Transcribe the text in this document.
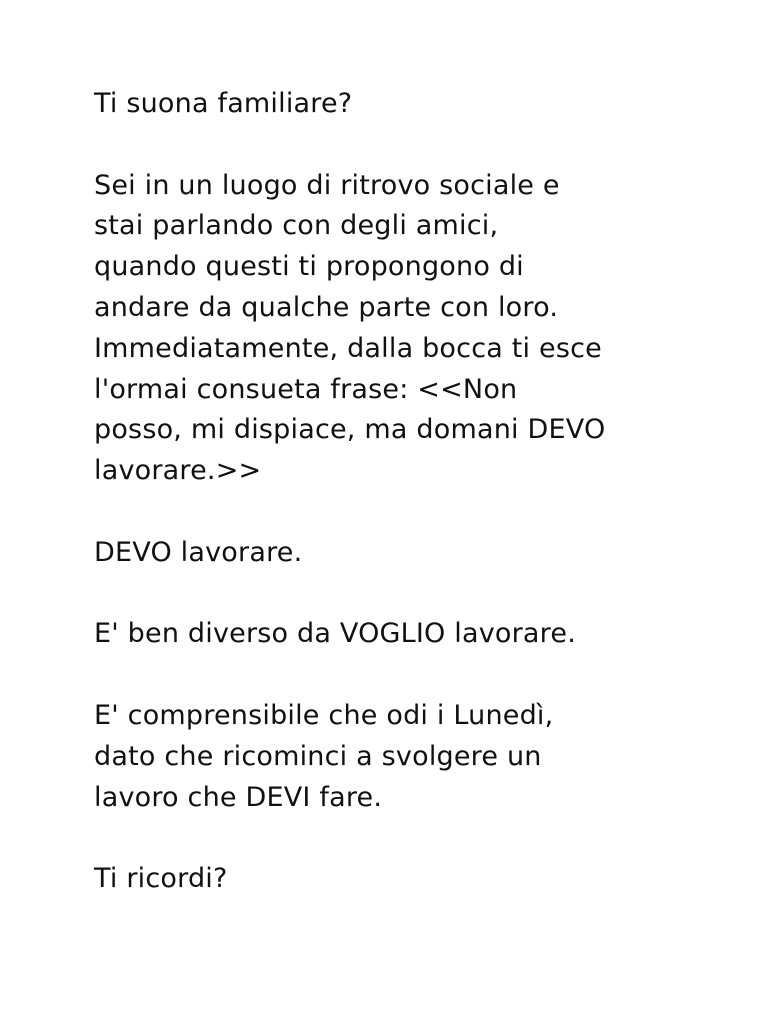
Ti suona familiare?

Sei in un luogo di ritrovo sociale e
stai parlando con degli amici,
quando questi ti propongono di
andare da qualche parte con loro.
Immediatamente, dalla bocca ti esce
l'ormai consueta frase: <<Non
posso, mi dispiace, ma domani DEVO
lavorare.>>

DEVO lavorare.

E' ben diverso da VOGLIO lavorare.

E' comprensibile che odi i Lunedì,
dato che ricominci a svolgere un
lavoro che DEVI fare.

Ti ricordi?
